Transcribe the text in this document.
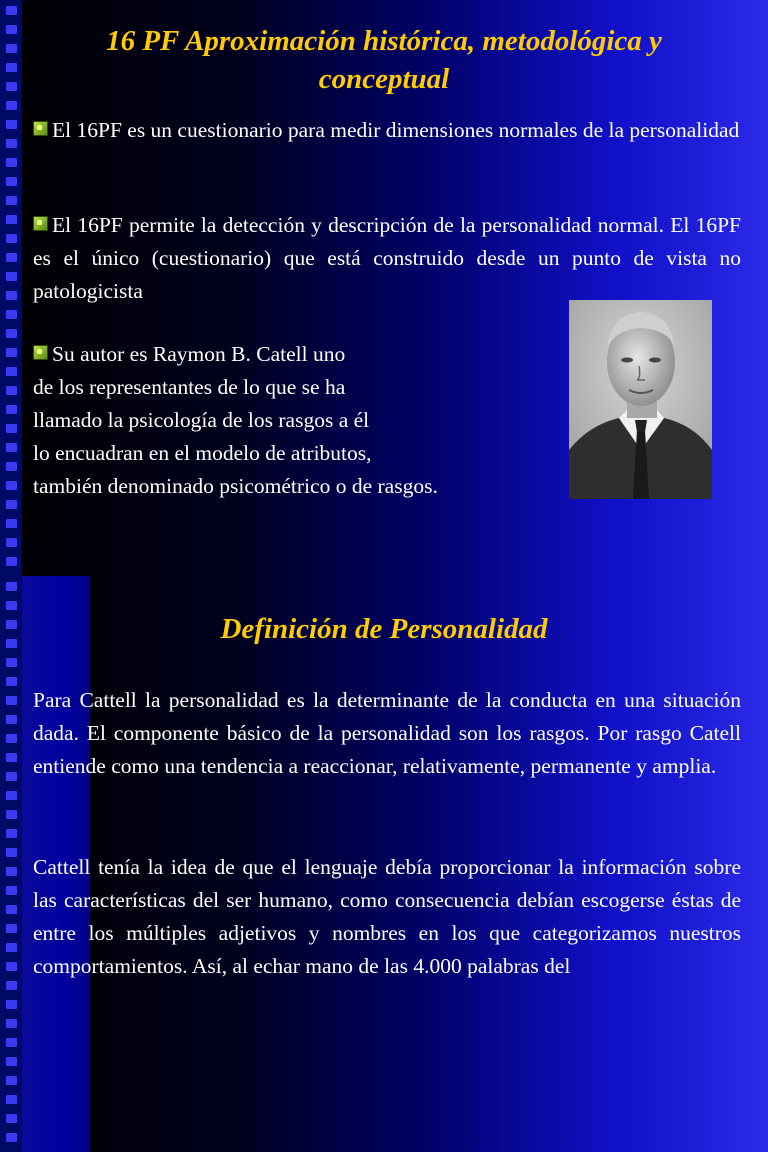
16 PF Aproximación histórica, metodológica y
conceptual
El 16PF es un cuestionario para medir dimensiones normales de la personalidad
El 16PF permite la detección y descripción de la personalidad normal. El 16PF es el único (cuestionario) que está construido desde un punto de vista no patologicista
Su autor es Raymon B. Catell uno
de los representantes de lo que se ha
llamado la psicología de los rasgos a él
lo encuadran en el modelo de atributos,
también denominado psicométrico o de rasgos.
Definición de Personalidad
Para Cattell la personalidad es la determinante de la conducta en una situación dada. El componente básico de la personalidad son los rasgos. Por rasgo Catell entiende como una tendencia a reaccionar, relativamente, permanente y amplia.
Cattell tenía la idea de que el lenguaje debía proporcionar la información sobre las características del ser humano, como consecuencia debían escogerse éstas de entre los múltiples adjetivos y nombres en los que categorizamos nuestros comportamientos. Así, al echar mano de las 4.000 palabras del
